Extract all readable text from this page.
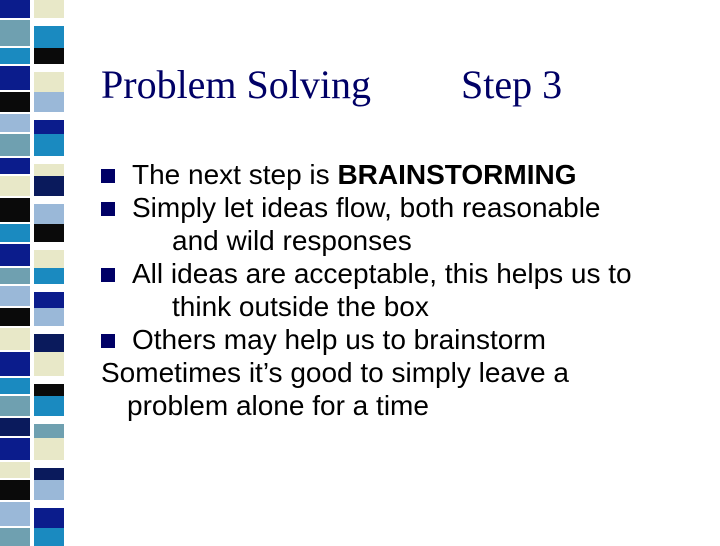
Problem Solving Step 3
The next step is BRAINSTORMING
Simply let ideas flow, both reasonable
and wild responses
All ideas are acceptable, this helps us to
think outside the box
Others may help us to brainstorm
Sometimes it’s good to simply leave a
problem alone for a time
